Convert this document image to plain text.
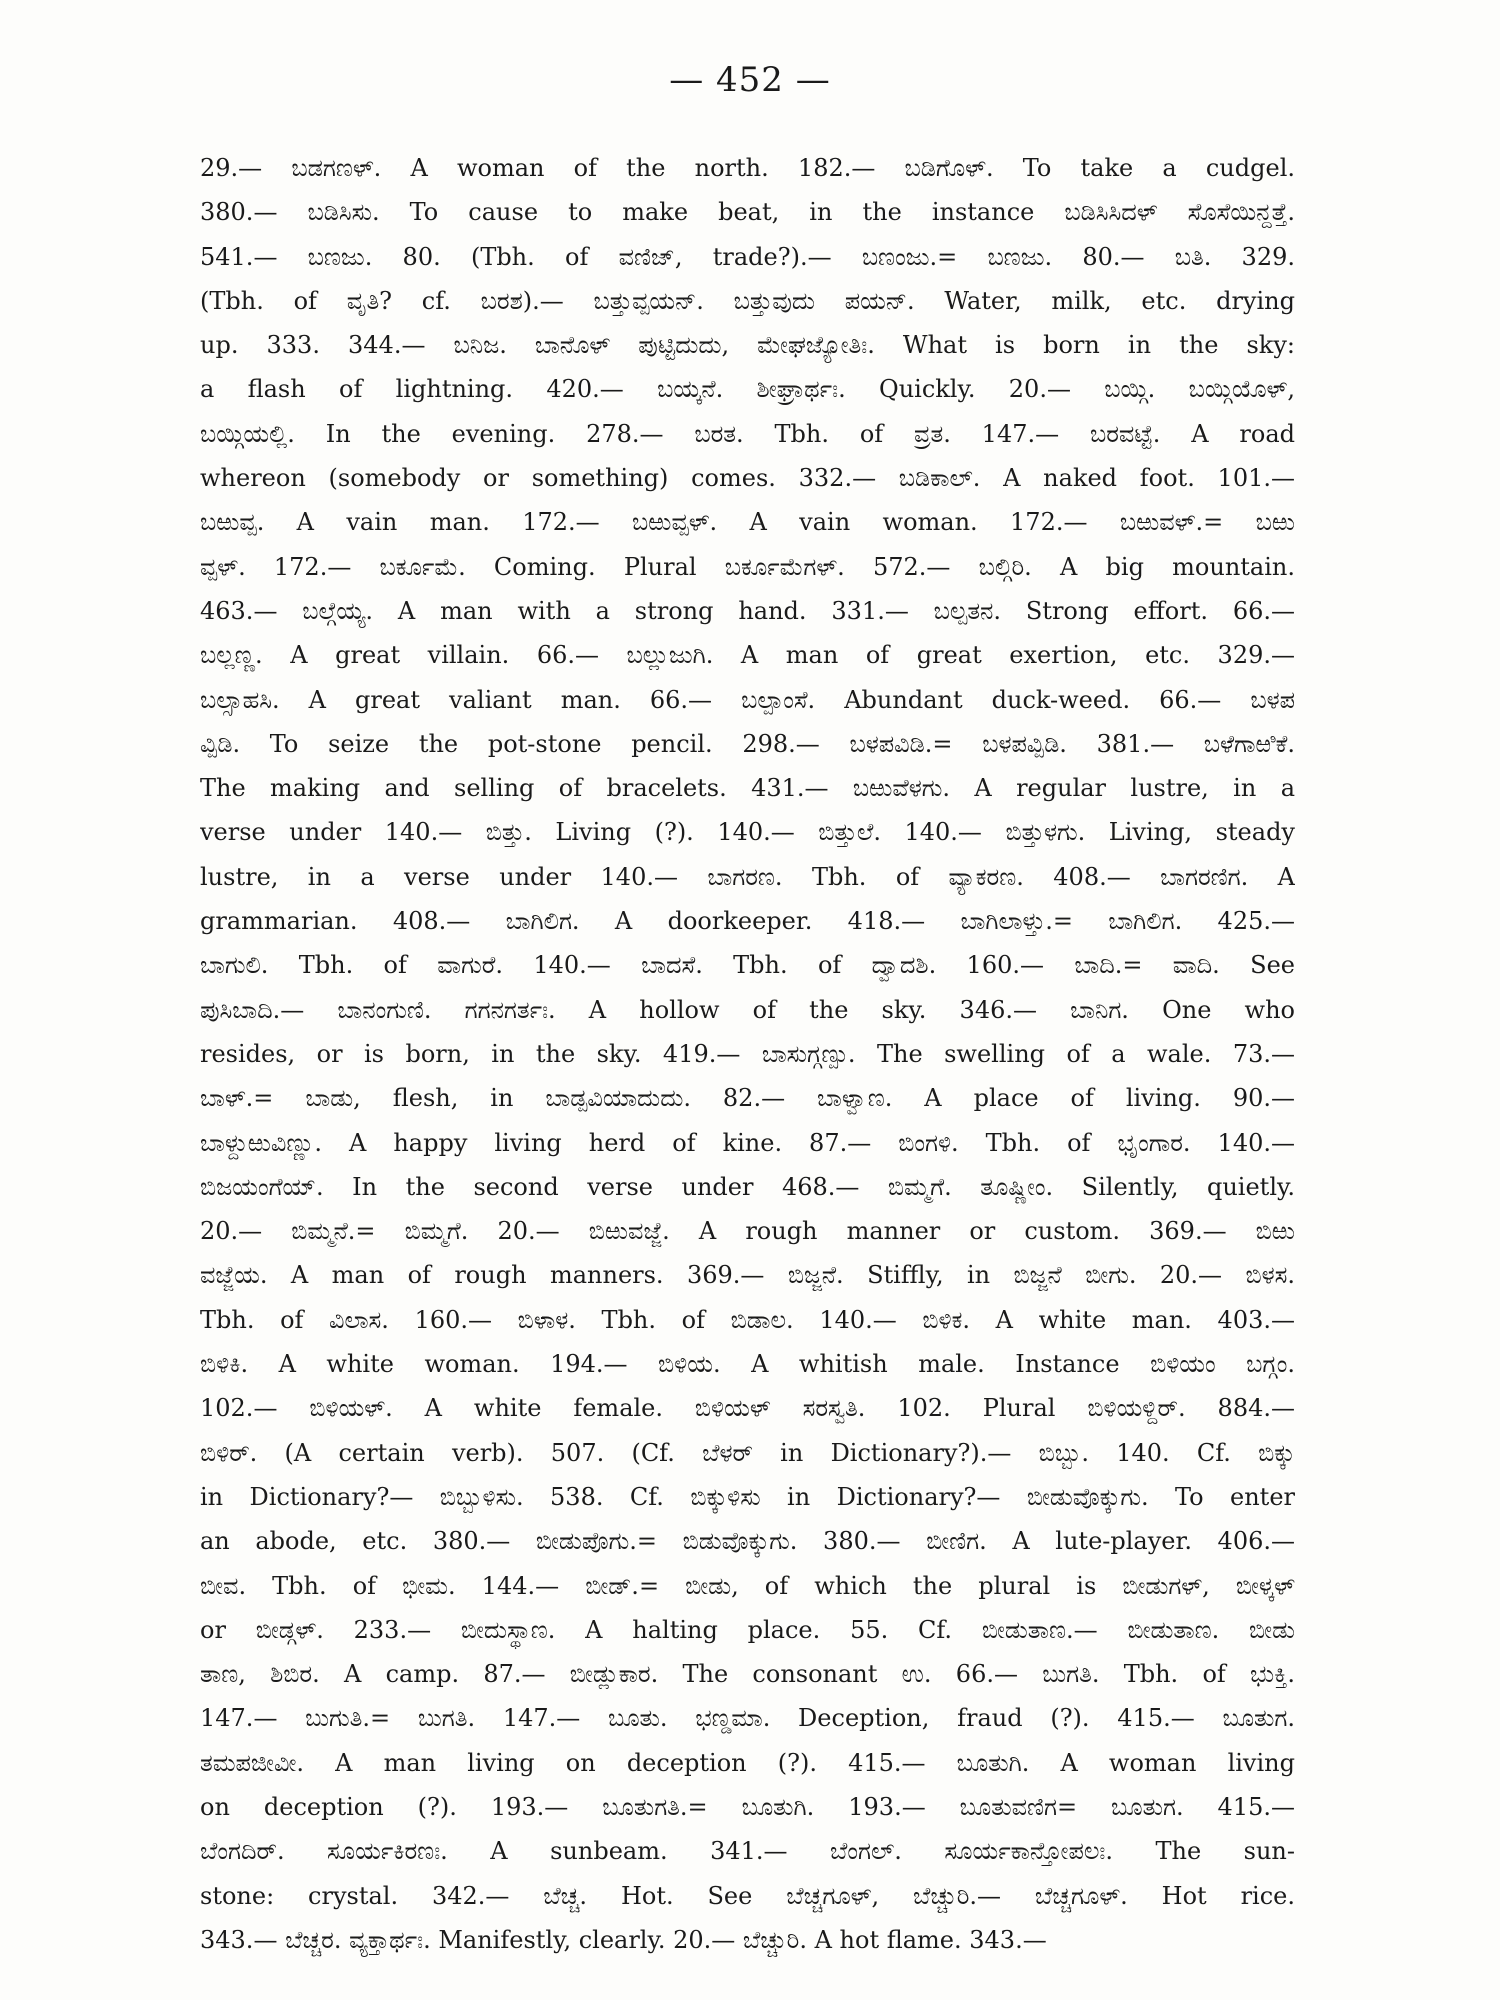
— 452 —
29.— ಬಡಗಣಳ್. A woman of the north. 182.— ಬಡಿಗೊಳ್. To take a cudgel.
380.— ಬಡಿಸಿಸು. To cause to make beat, in the instance ಬಡಿಸಿಸಿದಳ್ ಸೊಸೆಯಿನ್ದತ್ತೆ.
541.— ಬಣಜು. 80. (Tbh. of ವಣಿಜ್, trade?).— ಬಣಂಜು.= ಬಣಜು. 80.— ಬತಿ. 329.
(Tbh. of ವೃತಿ? cf. ಬರಶ).— ಬತ್ತುವ್ಪಯನ್. ಬತ್ತುವುದು ಪಯನ್. Water, milk, etc. drying
up. 333. 344.— ಬನಿಜ. ಬಾನೊಳ್ ಪುಟ್ಟಿದುದು, ಮೇಘಜ್ಯೋತಿಃ. What is born in the sky:
a flash of lightning. 420.— ಬಯ್ಕನೆ. ಶೀಘ್ರಾರ್ಥಃ. Quickly. 20.— ಬಯ್ಗಿ. ಬಯ್ಗಿಯೊಳ್,
ಬಯ್ಗಿಯಲ್ಲಿ. In the evening. 278.— ಬರತ. Tbh. of ವ್ರತ. 147.— ಬರವಟ್ಟೆ. A road
whereon (somebody or something) comes. 332.— ಬಡಿಕಾಲ್. A naked foot. 101.—
ಬಱುವ್ಪ. A vain man. 172.— ಬಱುವ್ಪಳ್. A vain woman. 172.— ಬಱುವಳ್.= ಬಱು
ವ್ಪಳ್. 172.— ಬರ್ಕೂಮೆ. Coming. Plural ಬರ್ಕೂಮೆಗಳ್. 572.— ಬಲ್ಗಿರಿ. A big mountain.
463.— ಬಲ್ಗೆಯ್ಯ. A man with a strong hand. 331.— ಬಲ್ಪತನ. Strong effort. 66.—
ಬಲ್ಲಣ್ಣ. A great villain. 66.— ಬಲ್ಲುಜುಗಿ. A man of great exertion, etc. 329.—
ಬಲ್ಸಾಹಸಿ. A great valiant man. 66.— ಬಲ್ಪಾಂಸೆ. Abundant duck-weed. 66.— ಬಳಪ
ವ್ಪಿಡಿ. To seize the pot-stone pencil. 298.— ಬಳಪವಿಡಿ.= ಬಳಪವ್ಪಿಡಿ. 381.— ಬಳೆಗಾಱಿಕೆ.
The making and selling of bracelets. 431.— ಬಱುವೆಳಗು. A regular lustre, in a
verse under 140.— ಬಿತ್ತು. Living (?). 140.— ಬಿತ್ತುಲೆ. 140.— ಬಿತ್ತುಳಗು. Living, steady
lustre, in a verse under 140.— ಬಾಗರಣ. Tbh. of ವ್ಯಾಕರಣ. 408.— ಬಾಗರಣಿಗ. A
grammarian. 408.— ಬಾಗಿಲಿಗ. A doorkeeper. 418.— ಬಾಗಿಲಾಳ್ತು.= ಬಾಗಿಲಿಗ. 425.—
ಬಾಗುಲಿ. Tbh. of ವಾಗುರೆ. 140.— ಬಾದಸೆ. Tbh. of ದ್ವಾದಶಿ. 160.— ಬಾದಿ.= ವಾದಿ. See
ಪುಸಿಬಾದಿ.— ಬಾನಂಗುಣಿ. ಗಗನಗರ್ತಃ. A hollow of the sky. 346.— ಬಾನಿಗ. One who
resides, or is born, in the sky. 419.— ಬಾಸುಗ್ಗಣ್ಪು. The swelling of a wale. 73.—
ಬಾಳ್.= ಬಾಡು, flesh, in ಬಾಡ್ಪವಿಯಾದುದು. 82.— ಬಾಳ್ವಾಣ. A place of living. 90.—
ಬಾಳ್ದುಱುವಿಣ್ಣು. A happy living herd of kine. 87.— ಬಿಂಗಳಿ. Tbh. of ಭೃಂಗಾರ. 140.—
ಬಿಜಯಂಗೆಯ್. In the second verse under 468.— ಬಿಮ್ಮಗೆ. ತೂಷ್ಣೀಂ. Silently, quietly.
20.— ಬಿಮ್ಮನೆ.= ಬಿಮ್ಮಗೆ. 20.— ಬಿಱುವಜ್ಜೆ. A rough manner or custom. 369.— ಬಿಱು
ವಜ್ಜೆಯ. A man of rough manners. 369.— ಬಿಜ್ಜನೆ. Stiffly, in ಬಿಜ್ಜನೆ ಬೀಗು. 20.— ಬಿಳಸ.
Tbh. of ವಿಲಾಸ. 160.— ಬಿಳಾಳ. Tbh. of ಬಿಡಾಲ. 140.— ಬಿಳಿಕ. A white man. 403.—
ಬಿಳಿಕಿ. A white woman. 194.— ಬಿಳಿಯ. A whitish male. Instance ಬಿಳಿಯಂ ಬಗ್ಗಂ.
102.— ಬಿಳಿಯಳ್. A white female. ಬಿಳಿಯಳ್ ಸರಸ್ವತಿ. 102. Plural ಬಿಳಿಯಳ್ದಿರ್. 884.—
ಬಿಳಿರ್. (A certain verb). 507. (Cf. ಬೆಳರ್ in Dictionary?).— ಬಿಬ್ಬು. 140. Cf. ಬಿಕ್ಕು
in Dictionary?— ಬಿಬ್ಬುಳಿಸು. 538. Cf. ಬಿಕ್ಕುಳಿಸು in Dictionary?— ಬೀಡುವೊಕ್ಕುಗು. To enter
an abode, etc. 380.— ಬೀಡುಪೊಗು.= ಬಿಡುವೊಕ್ಕುಗು. 380.— ಬೀಣಿಗ. A lute-player. 406.—
ಬೀವ. Tbh. of ಭೀಮ. 144.— ಬೀಡ್.= ಬೀಡು, of which the plural is ಬೀಡುಗಳ್, ಬೀಳ್ಕಳ್
or ಬೀಡ್ಗಳ್. 233.— ಬೀದುಸ್ಥಾಣ. A halting place. 55. Cf. ಬೀಡುತಾಣ.— ಬೀಡುತಾಣ. ಬೀಡು
ತಾಣ, ಶಿಬಿರ. A camp. 87.— ಬೀಡ್ಲುಕಾರ. The consonant ಉ. 66.— ಬುಗತಿ. Tbh. of ಭುಕ್ತಿ.
147.— ಬುಗುತಿ.= ಬುಗತಿ. 147.— ಬೂತು. ಭಣ್ಡಮಾ. Deception, fraud (?). 415.— ಬೂತುಗ.
ತಮಪಜೀವೀ. A man living on deception (?). 415.— ಬೂತುಗಿ. A woman living
on deception (?). 193.— ಬೂತುಗತಿ.= ಬೂತುಗಿ. 193.— ಬೂತುವಣಿಗ= ಬೂತುಗ. 415.—
ಬೆಂಗದಿರ್. ಸೂರ್ಯಕಿರಣಃ. A sunbeam. 341.— ಬೆಂಗಲ್. ಸೂರ್ಯಕಾನ್ತೋಪಲಃ. The sun-
stone: crystal. 342.— ಬೆಚ್ಚ. Hot. See ಬೆಚ್ಚಗೂಳ್, ಬೆಚ್ಚುರಿ.— ಬೆಚ್ಚಗೂಳ್. Hot rice.
343.— ಬೆಚ್ಚರ. ವ್ಯಕ್ತಾರ್ಥಃ. Manifestly, clearly. 20.— ಬೆಚ್ಚುರಿ. A hot flame. 343.—
